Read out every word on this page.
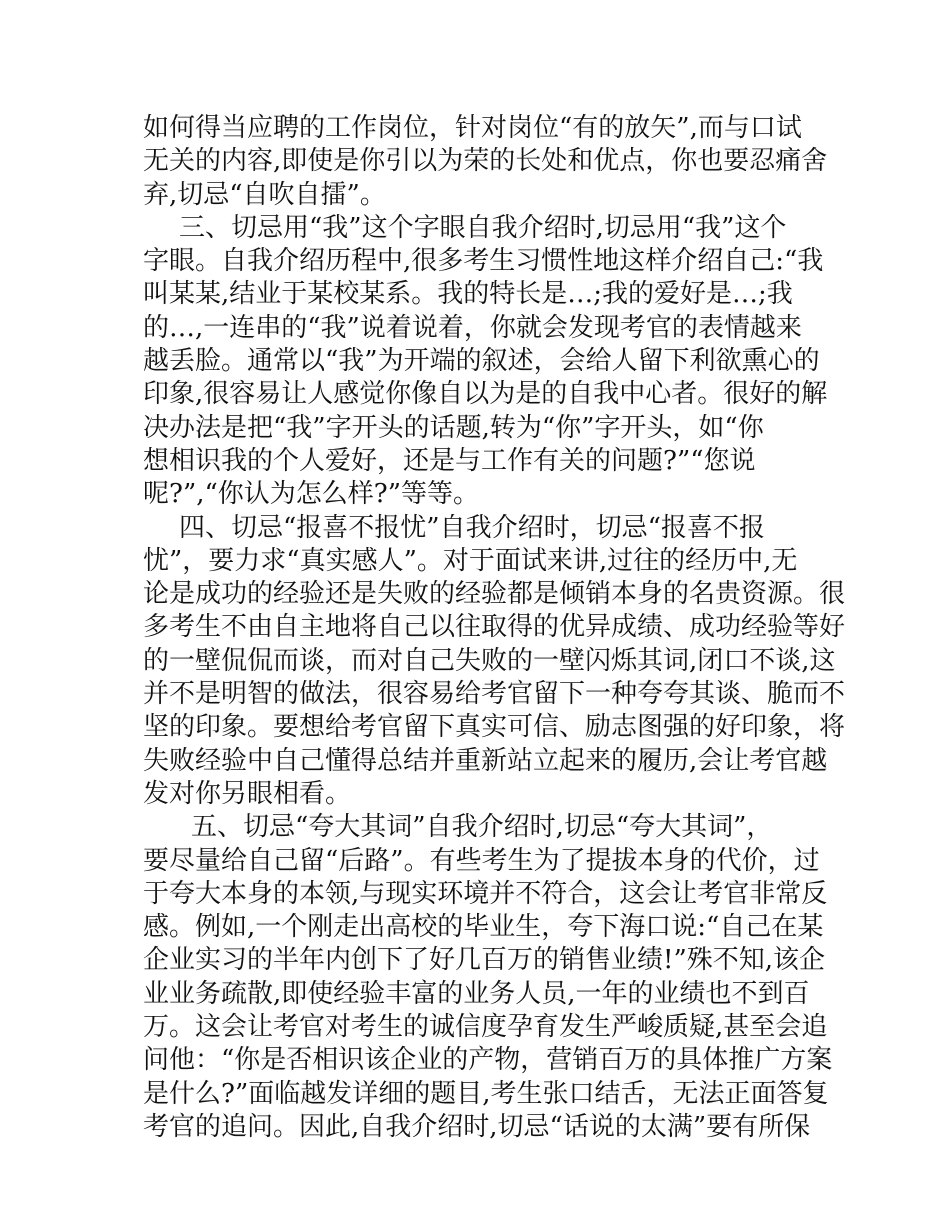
如何得当应聘的工作岗位，针对岗位“有的放矢”,而与口试
无关的内容,即使是你引以为荣的长处和优点，你也要忍痛舍
弃,切忌“自吹自擂”。
三、切忌用“我”这个字眼自我介绍时,切忌用“我”这个
字眼。自我介绍历程中,很多考生习惯性地这样介绍自己:“我
叫某某,结业于某校某系。我的特长是…;我的爱好是…;我
的…,一连串的“我”说着说着，你就会发现考官的表情越来
越丢脸。通常以“我”为开端的叙述，会给人留下利欲熏心的
印象,很容易让人感觉你像自以为是的自我中心者。很好的解
决办法是把“我”字开头的话题,转为“你”字开头，如“你
想相识我的个人爱好，还是与工作有关的问题?”“您说
呢?”,“你认为怎么样?”等等。
四、切忌“报喜不报忧”自我介绍时，切忌“报喜不报
忧”，要力求“真实感人”。对于面试来讲,过往的经历中,无
论是成功的经验还是失败的经验都是倾销本身的名贵资源。很
多考生不由自主地将自己以往取得的优异成绩、成功经验等好
的一壁侃侃而谈，而对自己失败的一壁闪烁其词,闭口不谈,这
并不是明智的做法，很容易给考官留下一种夸夸其谈、脆而不
坚的印象。要想给考官留下真实可信、励志图强的好印象，将
失败经验中自己懂得总结并重新站立起来的履历,会让考官越
发对你另眼相看。
五、切忌“夸大其词”自我介绍时,切忌“夸大其词”，
要尽量给自己留“后路”。有些考生为了提拔本身的代价，过
于夸大本身的本领,与现实环境并不符合，这会让考官非常反
感。例如,一个刚走出高校的毕业生，夸下海口说:“自己在某
企业实习的半年内创下了好几百万的销售业绩!”殊不知,该企
业业务疏散,即使经验丰富的业务人员,一年的业绩也不到百
万。这会让考官对考生的诚信度孕育发生严峻质疑,甚至会追
问他：“你是否相识该企业的产物，营销百万的具体推广方案
是什么?”面临越发详细的题目,考生张口结舌，无法正面答复
考官的追问。因此,自我介绍时,切忌“话说的太满”要有所保
